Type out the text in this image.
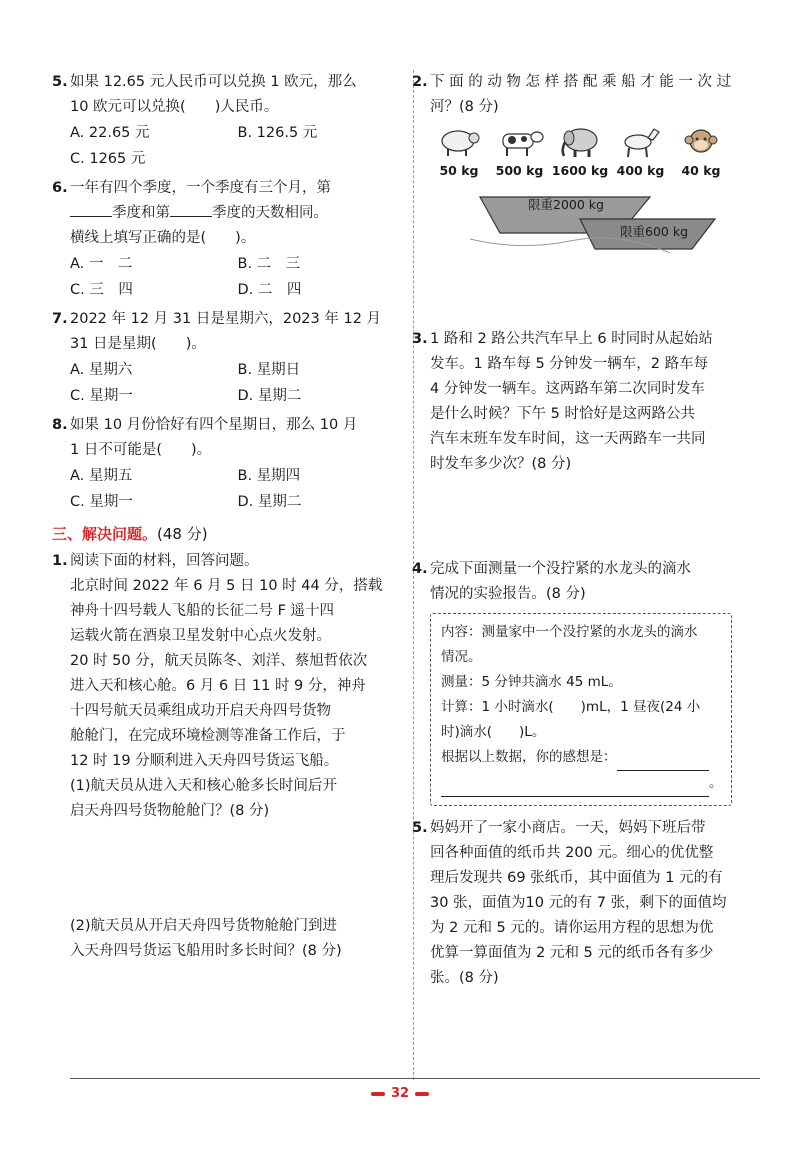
5. 如果 12.65 元人民币可以兑换 1 欧元，那么
10 欧元可以兑换(　　)人民币。
A. 22.65 元	B. 126.5 元
C. 1265 元
6. 一年有四个季度，一个季度有三个月，第
季度和第	季度的天数相同。
横线上填写正确的是(　　)。
A. 一　二	B. 二　三
C. 三　四	D. 二　四
7. 2022 年 12 月 31 日是星期六，2023 年 12 月
31 日是星期(　　)。
A. 星期六	B. 星期日
C. 星期一	D. 星期二
8. 如果 10 月份恰好有四个星期日，那么 10 月
1 日不可能是(　　)。
A. 星期五	B. 星期四
C. 星期一	D. 星期二
三、解决问题。(48 分)
1. 阅读下面的材料，回答问题。
北京时间 2022 年 6 月 5 日 10 时 44 分，搭载
神舟十四号载人飞船的长征二号 F 遥十四
运载火箭在酒泉卫星发射中心点火发射。
20 时 50 分，航天员陈冬、刘洋、蔡旭哲依次
进入天和核心舱。6 月 6 日 11 时 9 分，神舟
十四号航天员乘组成功开启天舟四号货物
舱舱门，在完成环境检测等准备工作后，于
12 时 19 分顺利进入天舟四号货运飞船。
(1)航天员从进入天和核心舱多长时间后开
启天舟四号货物舱舱门？(8 分)
(2)航天员从开启天舟四号货物舱舱门到进
入天舟四号货运飞船用时多长时间？(8 分)
2. 下 面 的 动 物 怎 样 搭 配 乘 船 才 能 一 次 过
河？(8 分)
50 kg	500 kg 1600 kg 400 kg	40 kg
限重2000 kg
限重600 kg
3. 1 路和 2 路公共汽车早上 6 时同时从起始站
发车。1 路车每 5 分钟发一辆车，2 路车每
4 分钟发一辆车。这两路车第二次同时发车
是什么时候？下午 5 时恰好是这两路公共
汽车末班车发车时间，这一天两路车一共同
时发车多少次？(8 分)
4. 完成下面测量一个没拧紧的水龙头的滴水
情况的实验报告。(8 分)
内容：测量家中一个没拧紧的水龙头的滴水
情况。
测量：5 分钟共滴水 45 mL。
计算：1 小时滴水(　　)mL，1 昼夜(24 小
时)滴水(　　)L。
根据以上数据，你的感想是：
。
5. 妈妈开了一家小商店。一天，妈妈下班后带
回各种面值的纸币共 200 元。细心的优优整
理后发现共 69 张纸币，其中面值为 1 元的有
30 张，面值为10 元的有 7 张，剩下的面值均
为 2 元和 5 元的。请你运用方程的思想为优
优算一算面值为 2 元和 5 元的纸币各有多少
张。(8 分)
32
